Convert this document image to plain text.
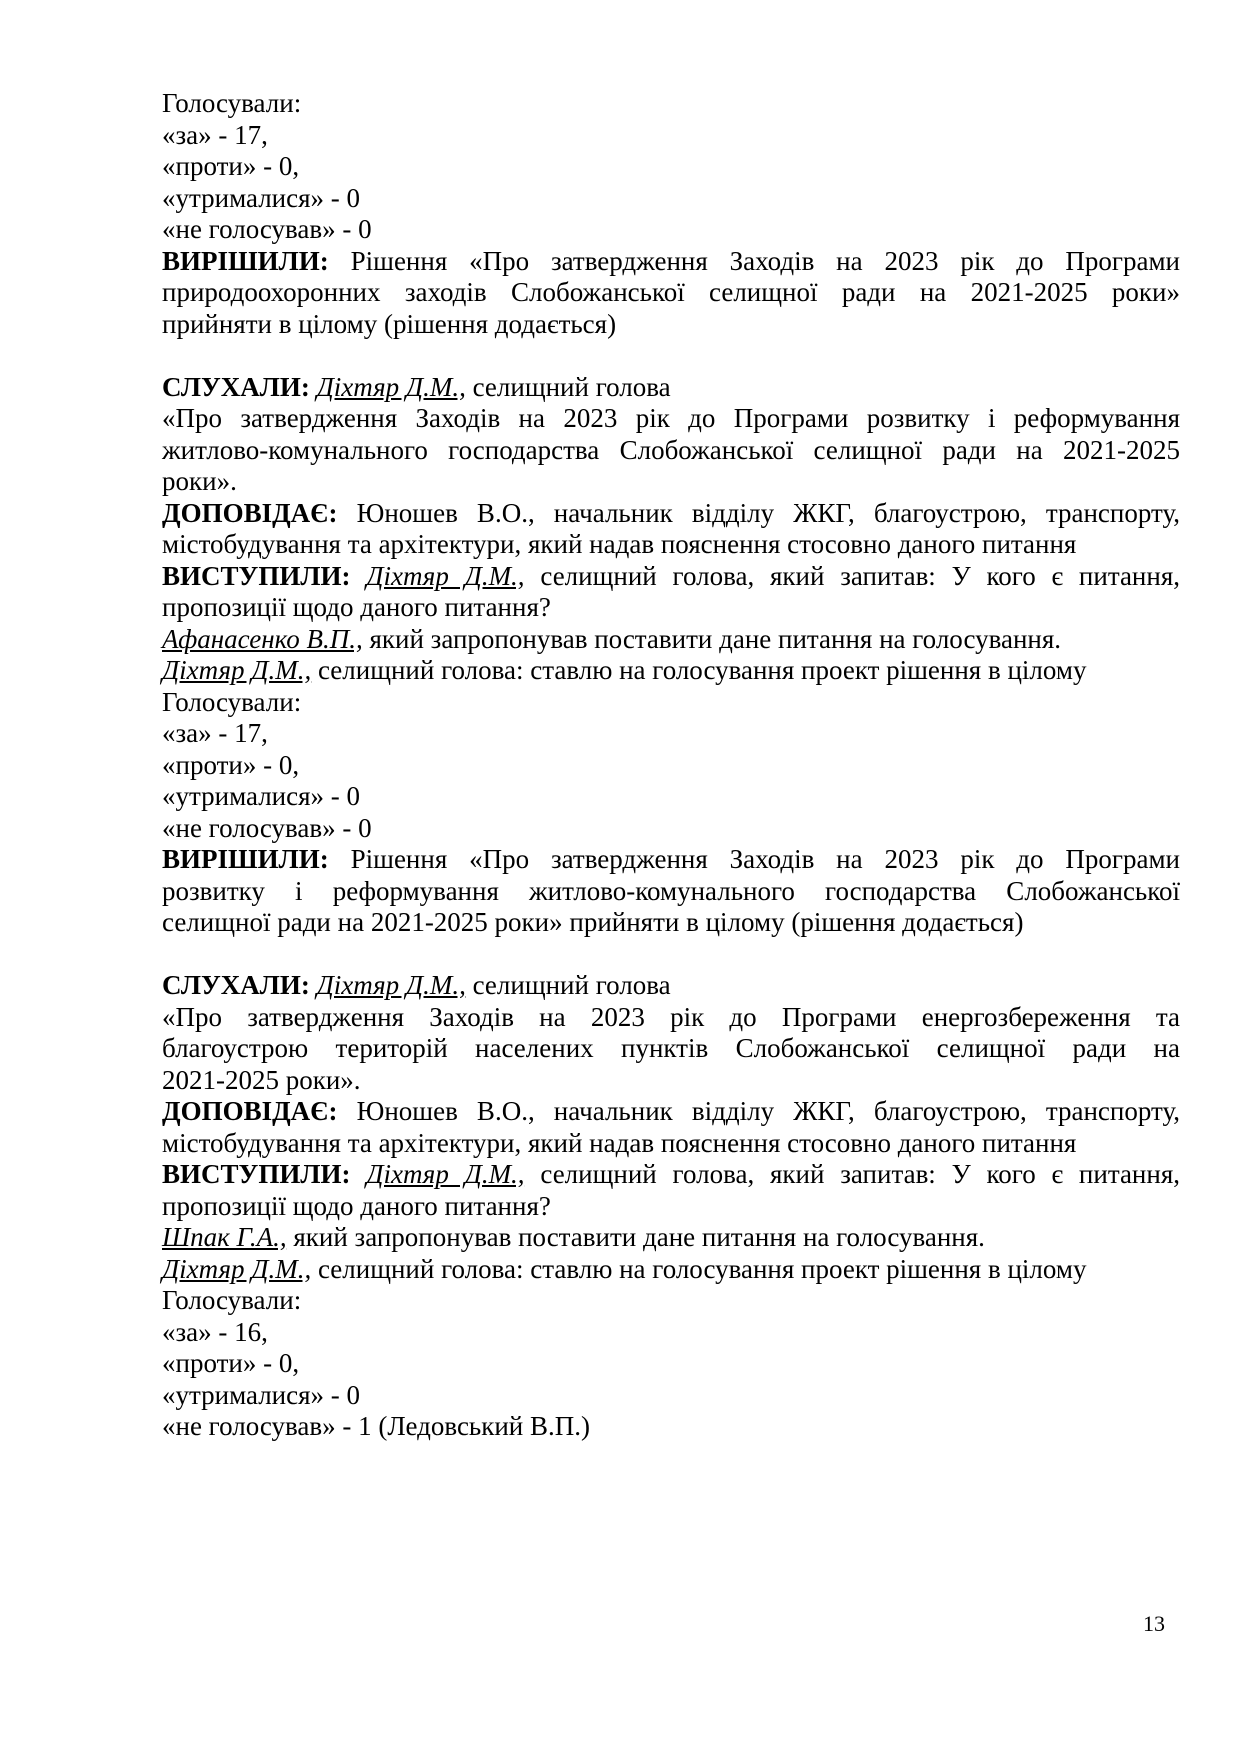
Голосували:
«за» - 17,
«проти» - 0,
«утрималися» - 0
«не голосував» - 0
ВИРІШИЛИ: Рішення «Про затвердження Заходів на 2023 рік до Програми
природоохоронних заходів Слобожанської селищної ради на 2021-2025 роки»
прийняти в цілому (рішення додається)
СЛУХАЛИ: Діхтяр Д.М., селищний голова
«Про затвердження Заходів на 2023 рік до Програми розвитку і реформування
житлово-комунального господарства Слобожанської селищної ради на 2021-2025
роки».
ДОПОВІДАЄ: Юношев В.О., начальник відділу ЖКГ, благоустрою, транспорту,
містобудування та архітектури, який надав пояснення стосовно даного питання
ВИСТУПИЛИ: Діхтяр Д.М., селищний голова, який запитав: У кого є питання,
пропозиції щодо даного питання?
Афанасенко В.П., який запропонував поставити дане питання на голосування.
Діхтяр Д.М., селищний голова: ставлю на голосування проект рішення в цілому
Голосували:
«за» - 17,
«проти» - 0,
«утрималися» - 0
«не голосував» - 0
ВИРІШИЛИ: Рішення «Про затвердження Заходів на 2023 рік до Програми
розвитку і реформування житлово-комунального господарства Слобожанської
селищної ради на 2021-2025 роки» прийняти в цілому (рішення додається)
СЛУХАЛИ: Діхтяр Д.М., селищний голова
«Про затвердження Заходів на 2023 рік до Програми енергозбереження та
благоустрою територій населених пунктів Слобожанської селищної ради на
2021-2025 роки».
ДОПОВІДАЄ: Юношев В.О., начальник відділу ЖКГ, благоустрою, транспорту,
містобудування та архітектури, який надав пояснення стосовно даного питання
ВИСТУПИЛИ: Діхтяр Д.М., селищний голова, який запитав: У кого є питання,
пропозиції щодо даного питання?
Шпак Г.А., який запропонував поставити дане питання на голосування.
Діхтяр Д.М., селищний голова: ставлю на голосування проект рішення в цілому
Голосували:
«за» - 16,
«проти» - 0,
«утрималися» - 0
«не голосував» - 1 (Ледовський В.П.)
13
